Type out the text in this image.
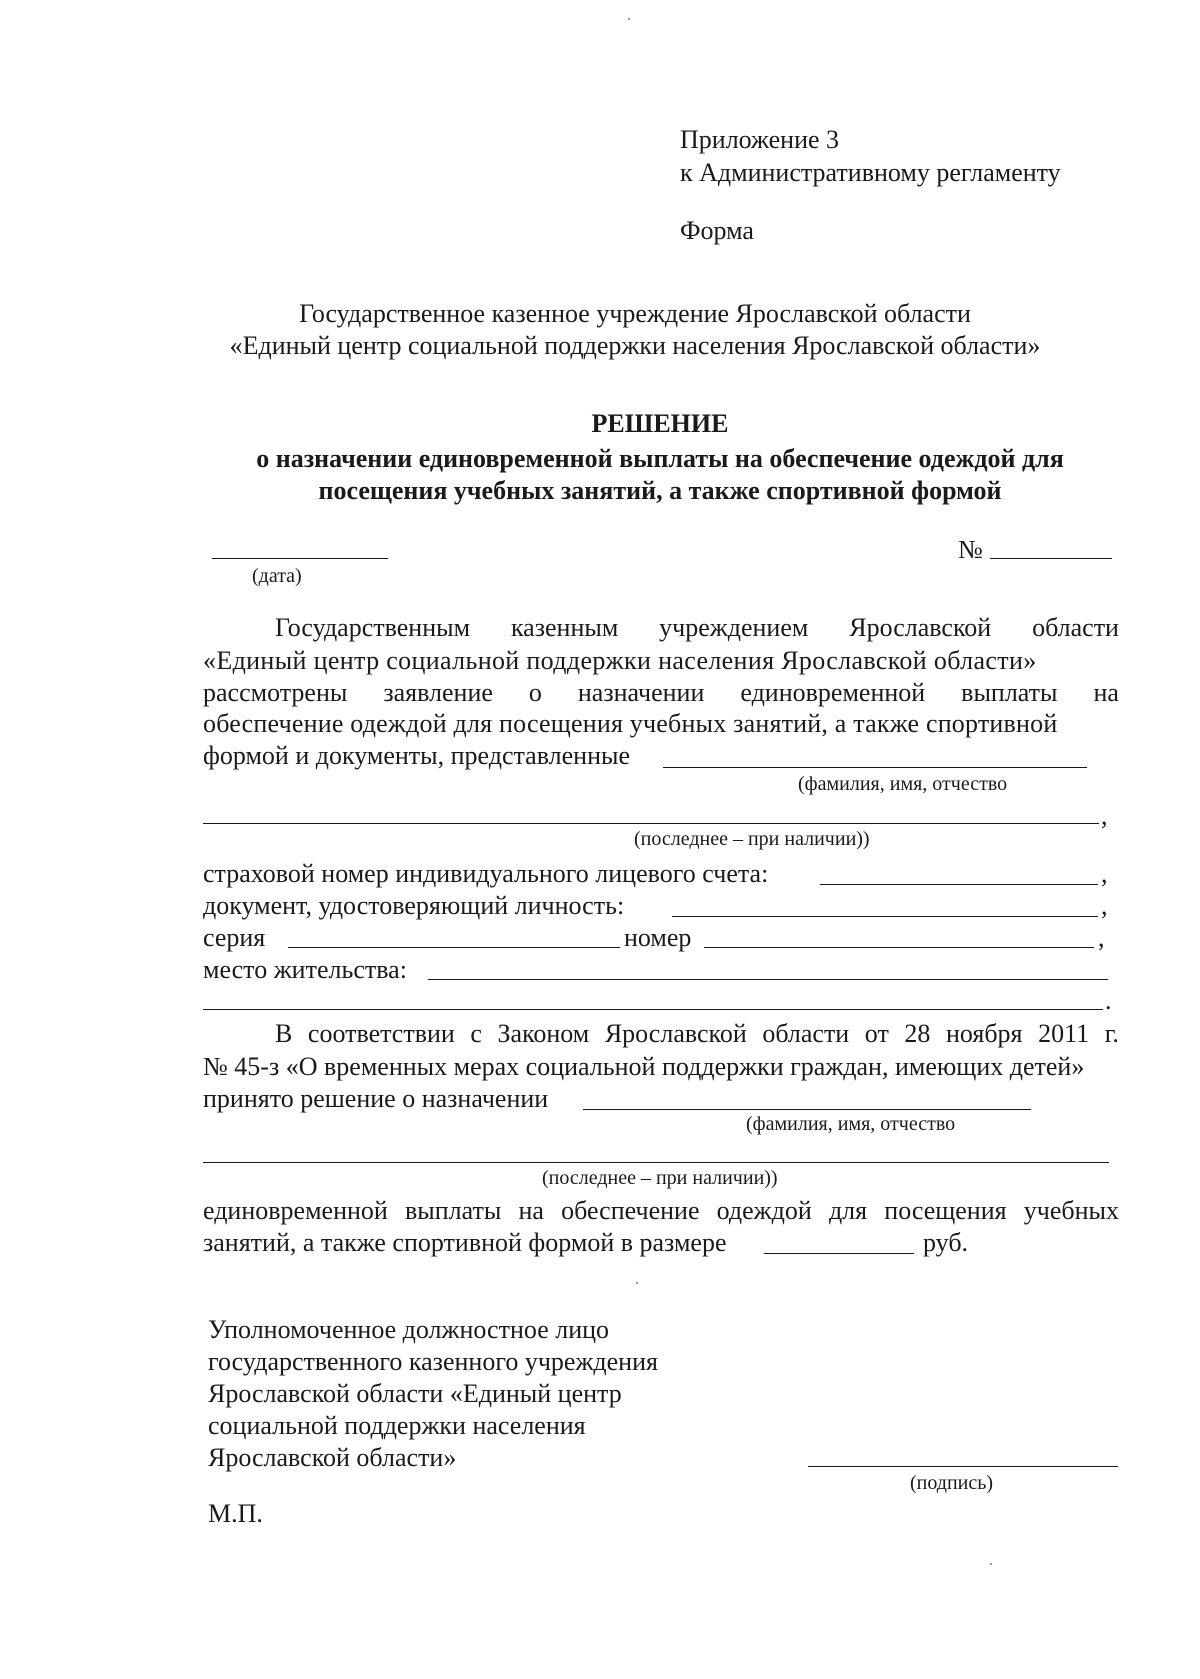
Приложение 3
к Административному регламенту
Форма
Государственное казенное учреждение Ярославской области
«Единый центр социальной поддержки населения Ярославской области»
РЕШЕНИЕ
о назначении единовременной выплаты на обеспечение одеждой для
посещения учебных занятий, а также спортивной формой
(дата)
№
Государственным казенным учреждением Ярославской области
«Единый центр социальной поддержки населения Ярославской области»
рассмотрены заявление о назначении единовременной выплаты на
обеспечение одеждой для посещения учебных занятий, а также спортивной
формой и документы, представленные
(фамилия, имя, отчество
,
(последнее – при наличии))
страховой номер индивидуального лицевого счета:	,
документ, удостоверяющий личность:	,
серия	номер	,
место жительства:
.
В соответствии с Законом Ярославской области от 28 ноября 2011 г.
№ 45-з «О временных мерах социальной поддержки граждан, имеющих детей»
принято решение о назначении
(фамилия, имя, отчество
(последнее – при наличии))
единовременной выплаты на обеспечение одеждой для посещения учебных
занятий, а также спортивной формой в размере	руб.
Уполномоченное должностное лицо
государственного казенного учреждения
Ярославской области «Единый центр
социальной поддержки населения
Ярославской области»
(подпись)
М.П.
